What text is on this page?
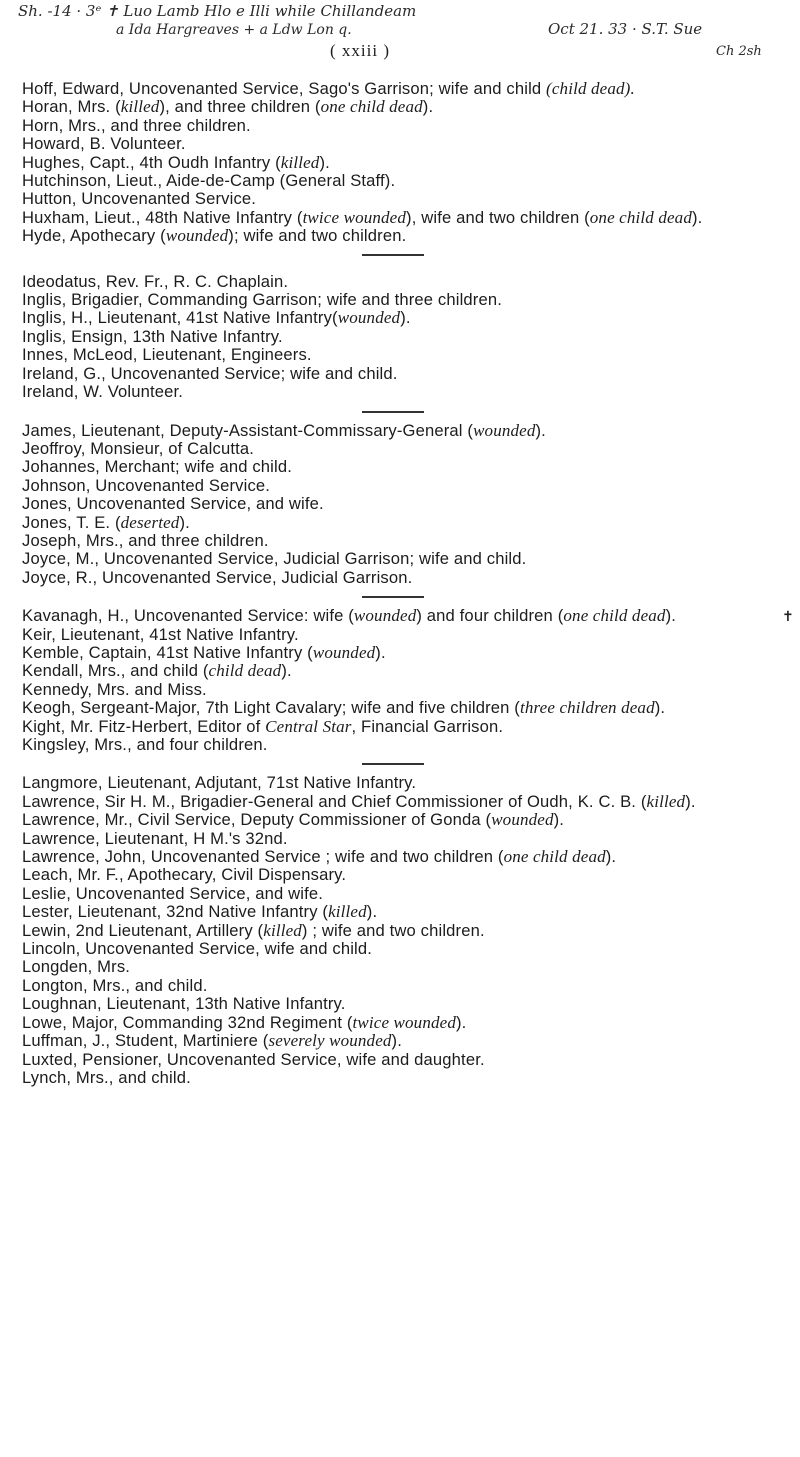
Sh. -14 · 3ᵉ ✝ Luo Lamb Hlo e Illi while Chillandeam
a Ida Hargreaves + a Ldw Lon q.	Oct 21. 33 · S.T. Sue
Ch 2sh
( xxiii )

Hoff, Edward, Uncovenanted Service, Sago's Garrison; wife and child (child dead).

Horan, Mrs. (killed), and three children (one child dead).

Horn, Mrs., and three children.

Howard, B. Volunteer.

Hughes, Capt., 4th Oudh Infantry (killed).

Hutchinson, Lieut., Aide-de-Camp (General Staff).

Hutton, Uncovenanted Service.

Huxham, Lieut., 48th Native Infantry (twice wounded), wife and two children (one child dead).

Hyde, Apothecary (wounded); wife and two children.

Ideodatus, Rev. Fr., R. C. Chaplain.

Inglis, Brigadier, Commanding Garrison; wife and three children.

Inglis, H., Lieutenant, 41st Native Infantry(wounded).

Inglis, Ensign, 13th Native Infantry.

Innes, McLeod, Lieutenant, Engineers.

Ireland, G., Uncovenanted Service; wife and child.

Ireland, W. Volunteer.

James, Lieutenant, Deputy-Assistant-Commissary-General (wounded).

Jeoffroy, Monsieur, of Calcutta.

Johannes, Merchant; wife and child.

Johnson, Uncovenanted Service.

Jones, Uncovenanted Service, and wife.

Jones, T. E. (deserted).

Joseph, Mrs., and three children.

Joyce, M., Uncovenanted Service, Judicial Garrison; wife and child.

Joyce, R., Uncovenanted Service, Judicial Garrison.

Kavanagh, H., Uncovenanted Service: wife (wounded) and four children (one child dead).	✝

Keir, Lieutenant, 41st Native Infantry.

Kemble, Captain, 41st Native Infantry (wounded).

Kendall, Mrs., and child (child dead).

Kennedy, Mrs. and Miss.

Keogh, Sergeant-Major, 7th Light Cavalary; wife and five children (three children dead).

Kight, Mr. Fitz-Herbert, Editor of Central Star, Financial Garrison.

Kingsley, Mrs., and four children.

Langmore, Lieutenant, Adjutant, 71st Native Infantry.

Lawrence, Sir H. M., Brigadier-General and Chief Commissioner of Oudh, K. C. B. (killed).

Lawrence, Mr., Civil Service, Deputy Commissioner of Gonda (wounded).

Lawrence, Lieutenant, H M.'s 32nd.

Lawrence, John, Uncovenanted Service ; wife and two children (one child dead).

Leach, Mr. F., Apothecary, Civil Dispensary.

Leslie, Uncovenanted Service, and wife.

Lester, Lieutenant, 32nd Native Infantry (killed).

Lewin, 2nd Lieutenant, Artillery (killed) ; wife and two children.

Lincoln, Uncovenanted Service, wife and child.

Longden, Mrs.

Longton, Mrs., and child.

Loughnan, Lieutenant, 13th Native Infantry.

Lowe, Major, Commanding 32nd Regiment (twice wounded).

Luffman, J., Student, Martiniere (severely wounded).

Luxted, Pensioner, Uncovenanted Service, wife and daughter.

Lynch, Mrs., and child.
